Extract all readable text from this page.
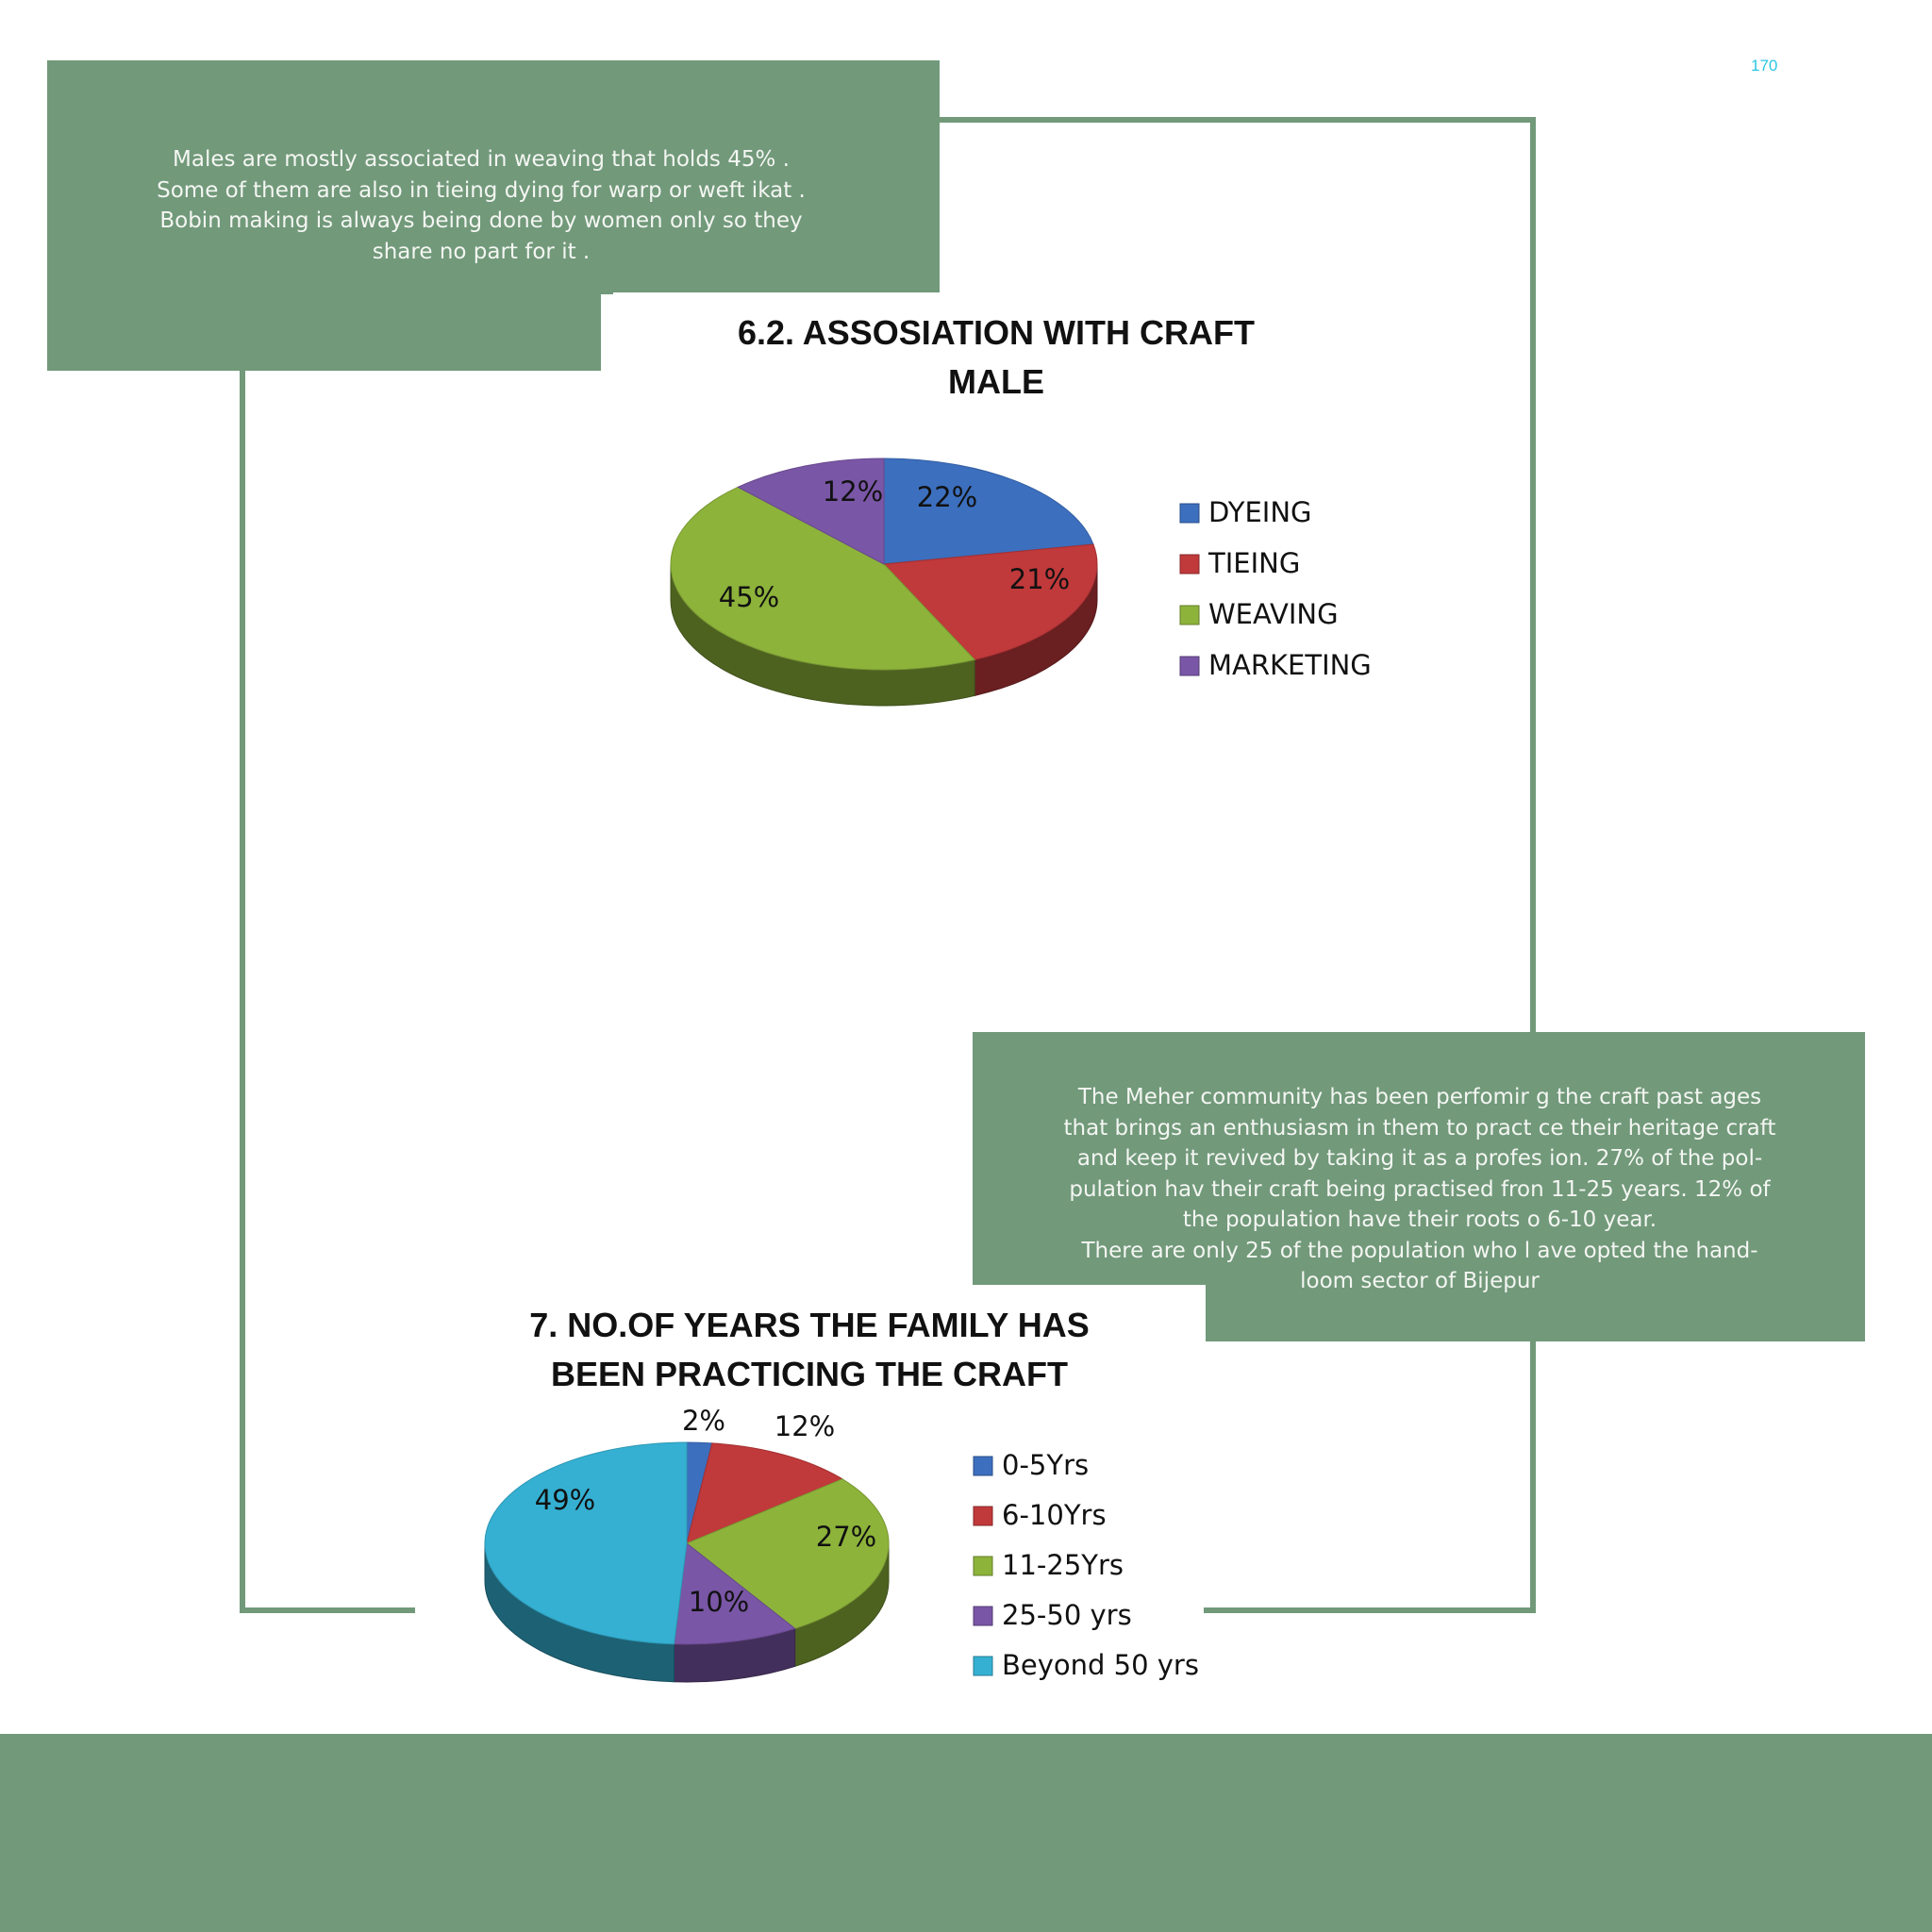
170
Males are mostly associated in weaving that holds 45% .
Some of them are also in tieing dying for warp or weft ikat .
Bobin making is always being done by women only so they
share no part for it .
6.2. ASSOSIATION WITH CRAFT
MALE
22%
21%
45%
12%
DYEING
TIEING
WEAVING
MARKETING
The Meher community has been perfomir g the craft past ages
that brings an enthusiasm in them to pract ce their heritage craft
and keep it revived by taking it as a profes ion. 27% of the pol-
pulation hav their craft being practised fron 11-25 years. 12% of
the population have their roots o 6-10 year.
There are only 25 of the population who l ave opted the hand-
loom sector of Bijepur
7. NO.OF YEARS THE FAMILY HAS
BEEN PRACTICING THE CRAFT
2% 12%
27%
10%
49%
0-5Yrs
6-10Yrs
11-25Yrs
25-50 yrs
Beyond 50 yrs
